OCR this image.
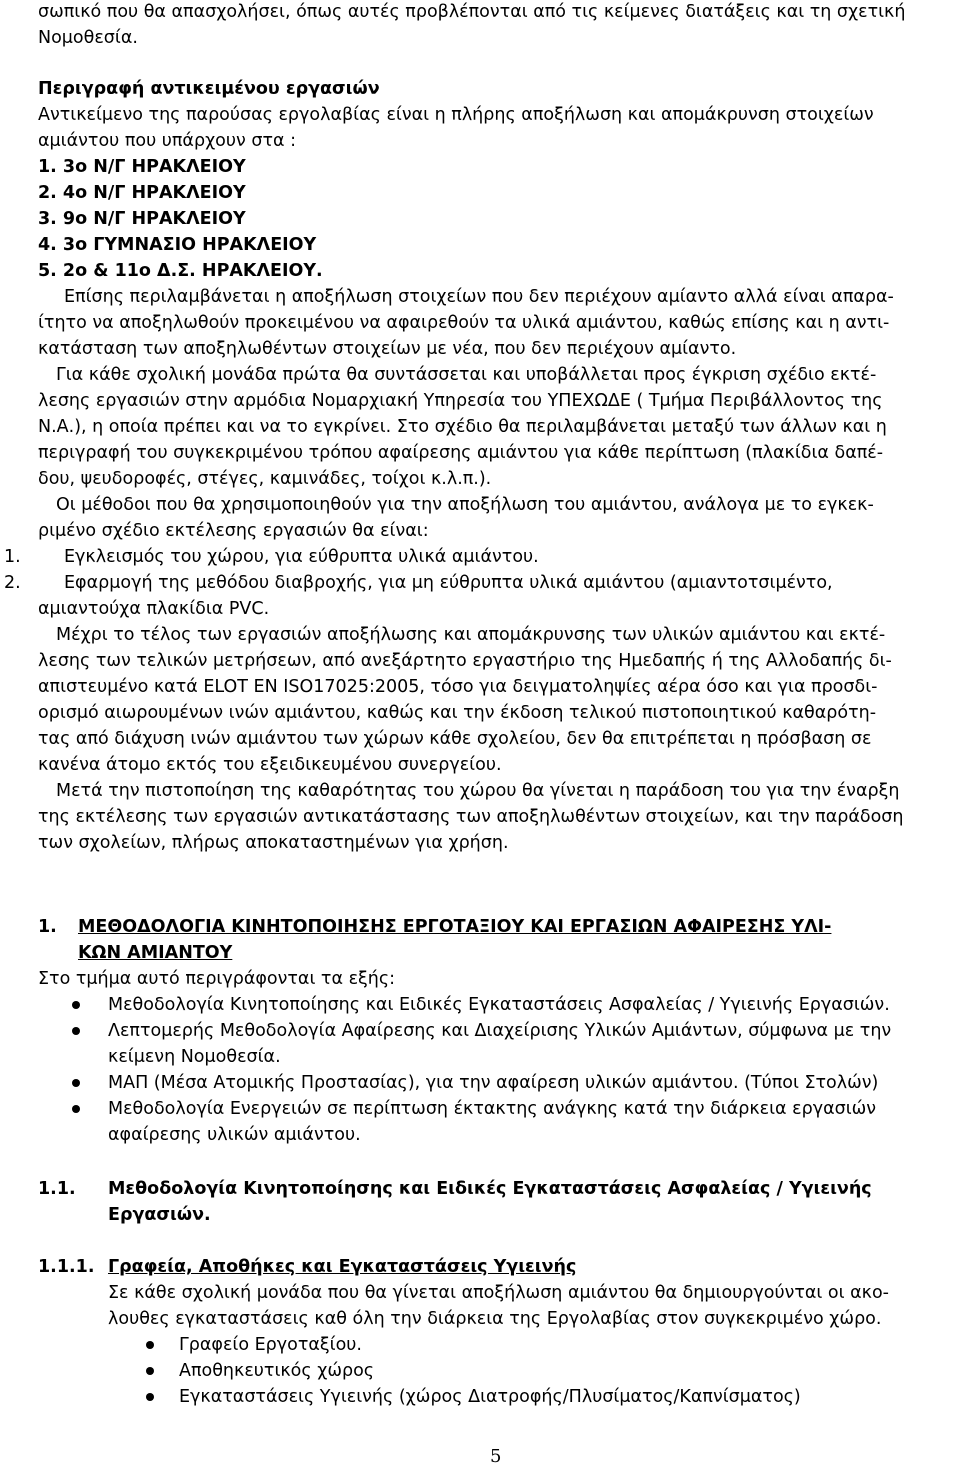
σωπικό που θα απασχολήσει, όπως αυτές προβλέπονται από τις κείμενες διατάξεις και τη σχετική
Νομοθεσία.
Περιγραφή αντικειμένου εργασιών
Αντικείμενο της παρούσας εργολαβίας είναι η πλήρης αποξήλωση και απομάκρυνση στοιχείων
αμιάντου που υπάρχουν στα :
1. 3ο Ν/Γ ΗΡΑΚΛΕΙΟΥ
2. 4ο Ν/Γ ΗΡΑΚΛΕΙΟΥ
3. 9ο Ν/Γ ΗΡΑΚΛΕΙΟΥ
4. 3ο ΓΥΜΝΑΣΙΟ ΗΡΑΚΛΕΙΟΥ
5. 2ο & 11ο Δ.Σ. ΗΡΑΚΛΕΙΟΥ.
Επίσης περιλαμβάνεται η αποξήλωση στοιχείων που δεν περιέχουν αμίαντο αλλά είναι απαρα-
ίτητο να αποξηλωθούν προκειμένου να αφαιρεθούν τα υλικά αμιάντου, καθώς επίσης και η αντι-
κατάσταση των αποξηλωθέντων στοιχείων με νέα, που δεν περιέχουν αμίαντο.
Για κάθε σχολική μονάδα πρώτα θα συντάσσεται και υποβάλλεται προς έγκριση σχέδιο εκτέ-
λεσης εργασιών στην αρμόδια Νομαρχιακή Υπηρεσία του ΥΠΕΧΩΔΕ ( Τμήμα Περιβάλλοντος της
Ν.Α.), η οποία πρέπει και να το εγκρίνει. Στο σχέδιο θα περιλαμβάνεται μεταξύ των άλλων και η
περιγραφή του συγκεκριμένου τρόπου αφαίρεσης αμιάντου για κάθε περίπτωση (πλακίδια δαπέ-
δου, ψευδοροφές, στέγες, καμινάδες, τοίχοι κ.λ.π.).
Οι μέθοδοι που θα χρησιμοποιηθούν για την αποξήλωση του αμιάντου, ανάλογα με το εγκεκ-
ριμένο σχέδιο εκτέλεσης εργασιών θα είναι:
1. Εγκλεισμός του χώρου, για εύθρυπτα υλικά αμιάντου.
2. Εφαρμογή της μεθόδου διαβροχής, για μη εύθρυπτα υλικά αμιάντου (αμιαντοτσιμέντο,
αμιαντούχα πλακίδια PVC.
Μέχρι το τέλος των εργασιών αποξήλωσης και απομάκρυνσης των υλικών αμιάντου και εκτέ-
λεσης των τελικών μετρήσεων, από ανεξάρτητο εργαστήριο της Ημεδαπής ή της Αλλοδαπής δι-
απιστευμένο κατά ELOT EN ISO17025:2005, τόσο για δειγματοληψίες αέρα όσο και για προσδι-
ορισμό αιωρουμένων ινών αμιάντου, καθώς και την έκδοση τελικού πιστοποιητικού καθαρότη-
τας από διάχυση ινών αμιάντου των χώρων κάθε σχολείου, δεν θα επιτρέπεται η πρόσβαση σε
κανένα άτομο εκτός του εξειδικευμένου συνεργείου.
Μετά την πιστοποίηση της καθαρότητας του χώρου θα γίνεται η παράδοση του για την έναρξη
της εκτέλεσης των εργασιών αντικατάστασης των αποξηλωθέντων στοιχείων, και την παράδοση
των σχολείων, πλήρως αποκαταστημένων για χρήση.
1. ΜΕΘΟΔΟΛΟΓΙΑ ΚΙΝΗΤΟΠΟΙΗΣΗΣ ΕΡΓΟΤΑΞΙΟΥ ΚΑΙ ΕΡΓΑΣΙΩΝ ΑΦΑΙΡΕΣΗΣ ΥΛΙ-
ΚΩΝ ΑΜΙΑΝΤΟΥ
Στο τμήμα αυτό περιγράφονται τα εξής:
Μεθοδολογία Κινητοποίησης και Ειδικές Εγκαταστάσεις Ασφαλείας / Υγιεινής Εργασιών.
Λεπτομερής Μεθοδολογία Αφαίρεσης και Διαχείρισης Υλικών Αμιάντων, σύμφωνα με την
κείμενη Νομοθεσία.
ΜΑΠ (Μέσα Ατομικής Προστασίας), για την αφαίρεση υλικών αμιάντου. (Τύποι Στολών)
Μεθοδολογία Ενεργειών σε περίπτωση έκτακτης ανάγκης κατά την διάρκεια εργασιών
αφαίρεσης υλικών αμιάντου.
1.1. Μεθοδολογία Κινητοποίησης και Ειδικές Εγκαταστάσεις Ασφαλείας / Υγιεινής
Εργασιών.
1.1.1. Γραφεία, Αποθήκες και Εγκαταστάσεις Υγιεινής
Σε κάθε σχολική μονάδα που θα γίνεται αποξήλωση αμιάντου θα δημιουργούνται οι ακο-
λουθες εγκαταστάσεις καθ όλη την διάρκεια της Εργολαβίας στον συγκεκριμένο χώρο.
Γραφείο Εργοταξίου.
Αποθηκευτικός χώρος
Εγκαταστάσεις Υγιεινής (χώρος Διατροφής/Πλυσίματος/Καπνίσματος)
5
